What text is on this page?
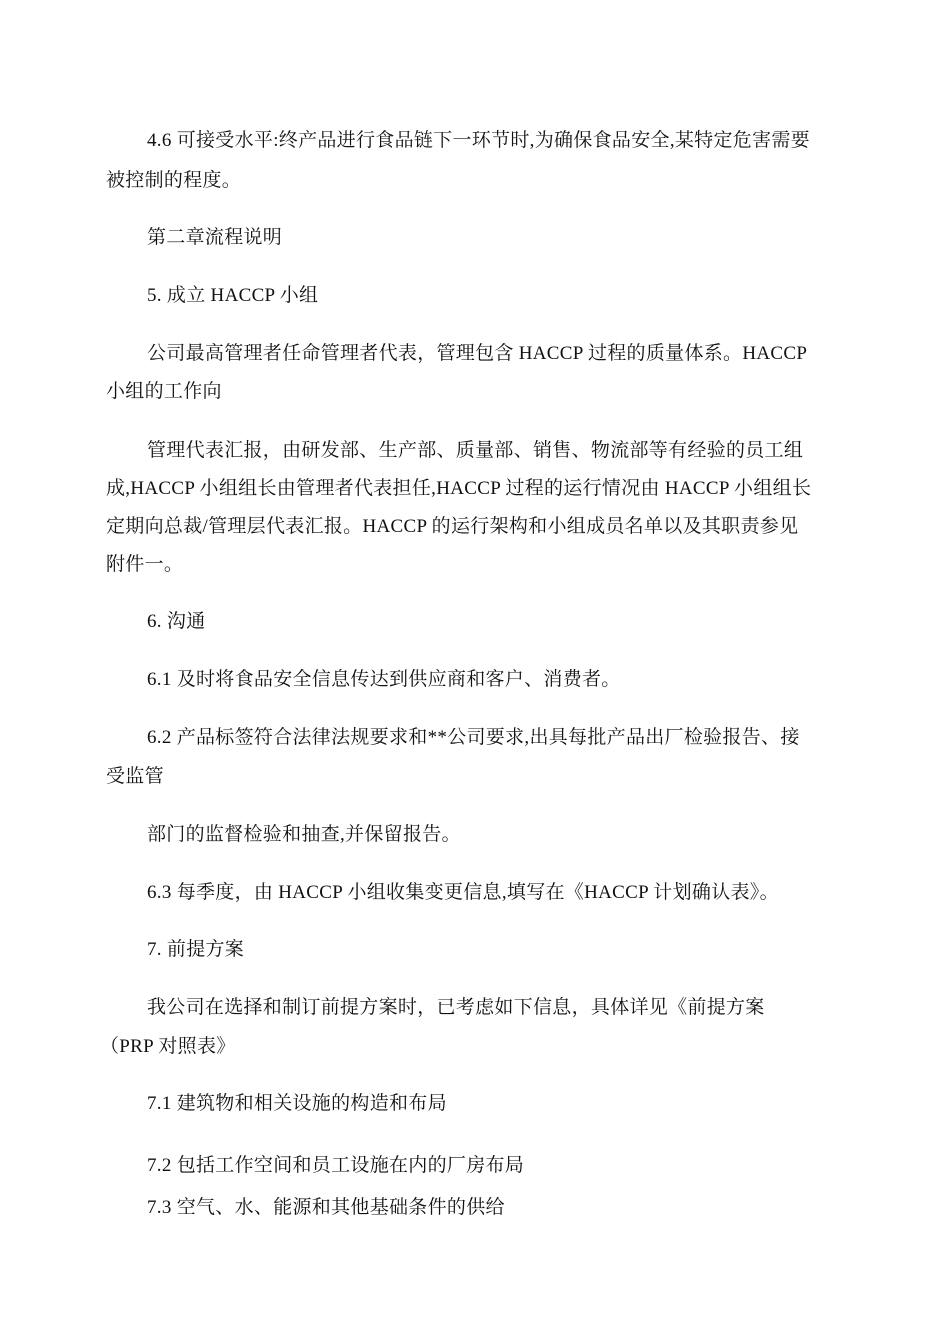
4.6 可接受水平:终产品进行食品链下一环节时,为确保食品安全,某特定危害需要
被控制的程度。
第二章流程说明
5. 成立 HACCP 小组
公司最高管理者任命管理者代表，管理包含 HACCP 过程的质量体系。HACCP
小组的工作向
管理代表汇报，由研发部、生产部、质量部、销售、物流部等有经验的员工组
成,HACCP 小组组长由管理者代表担任,HACCP 过程的运行情况由 HACCP 小组组长
定期向总裁/管理层代表汇报。HACCP 的运行架构和小组成员名单以及其职责参见
附件一。
6. 沟通
6.1 及时将食品安全信息传达到供应商和客户、消费者。
6.2 产品标签符合法律法规要求和**公司要求,出具每批产品出厂检验报告、接
受监管
部门的监督检验和抽查,并保留报告。
6.3 每季度，由 HACCP 小组收集变更信息,填写在《HACCP 计划确认表》。
7. 前提方案
我公司在选择和制订前提方案时，已考虑如下信息，具体详见《前提方案
（PRP 对照表》
7.1 建筑物和相关设施的构造和布局
7.2 包括工作空间和员工设施在内的厂房布局
7.3 空气、水、能源和其他基础条件的供给
